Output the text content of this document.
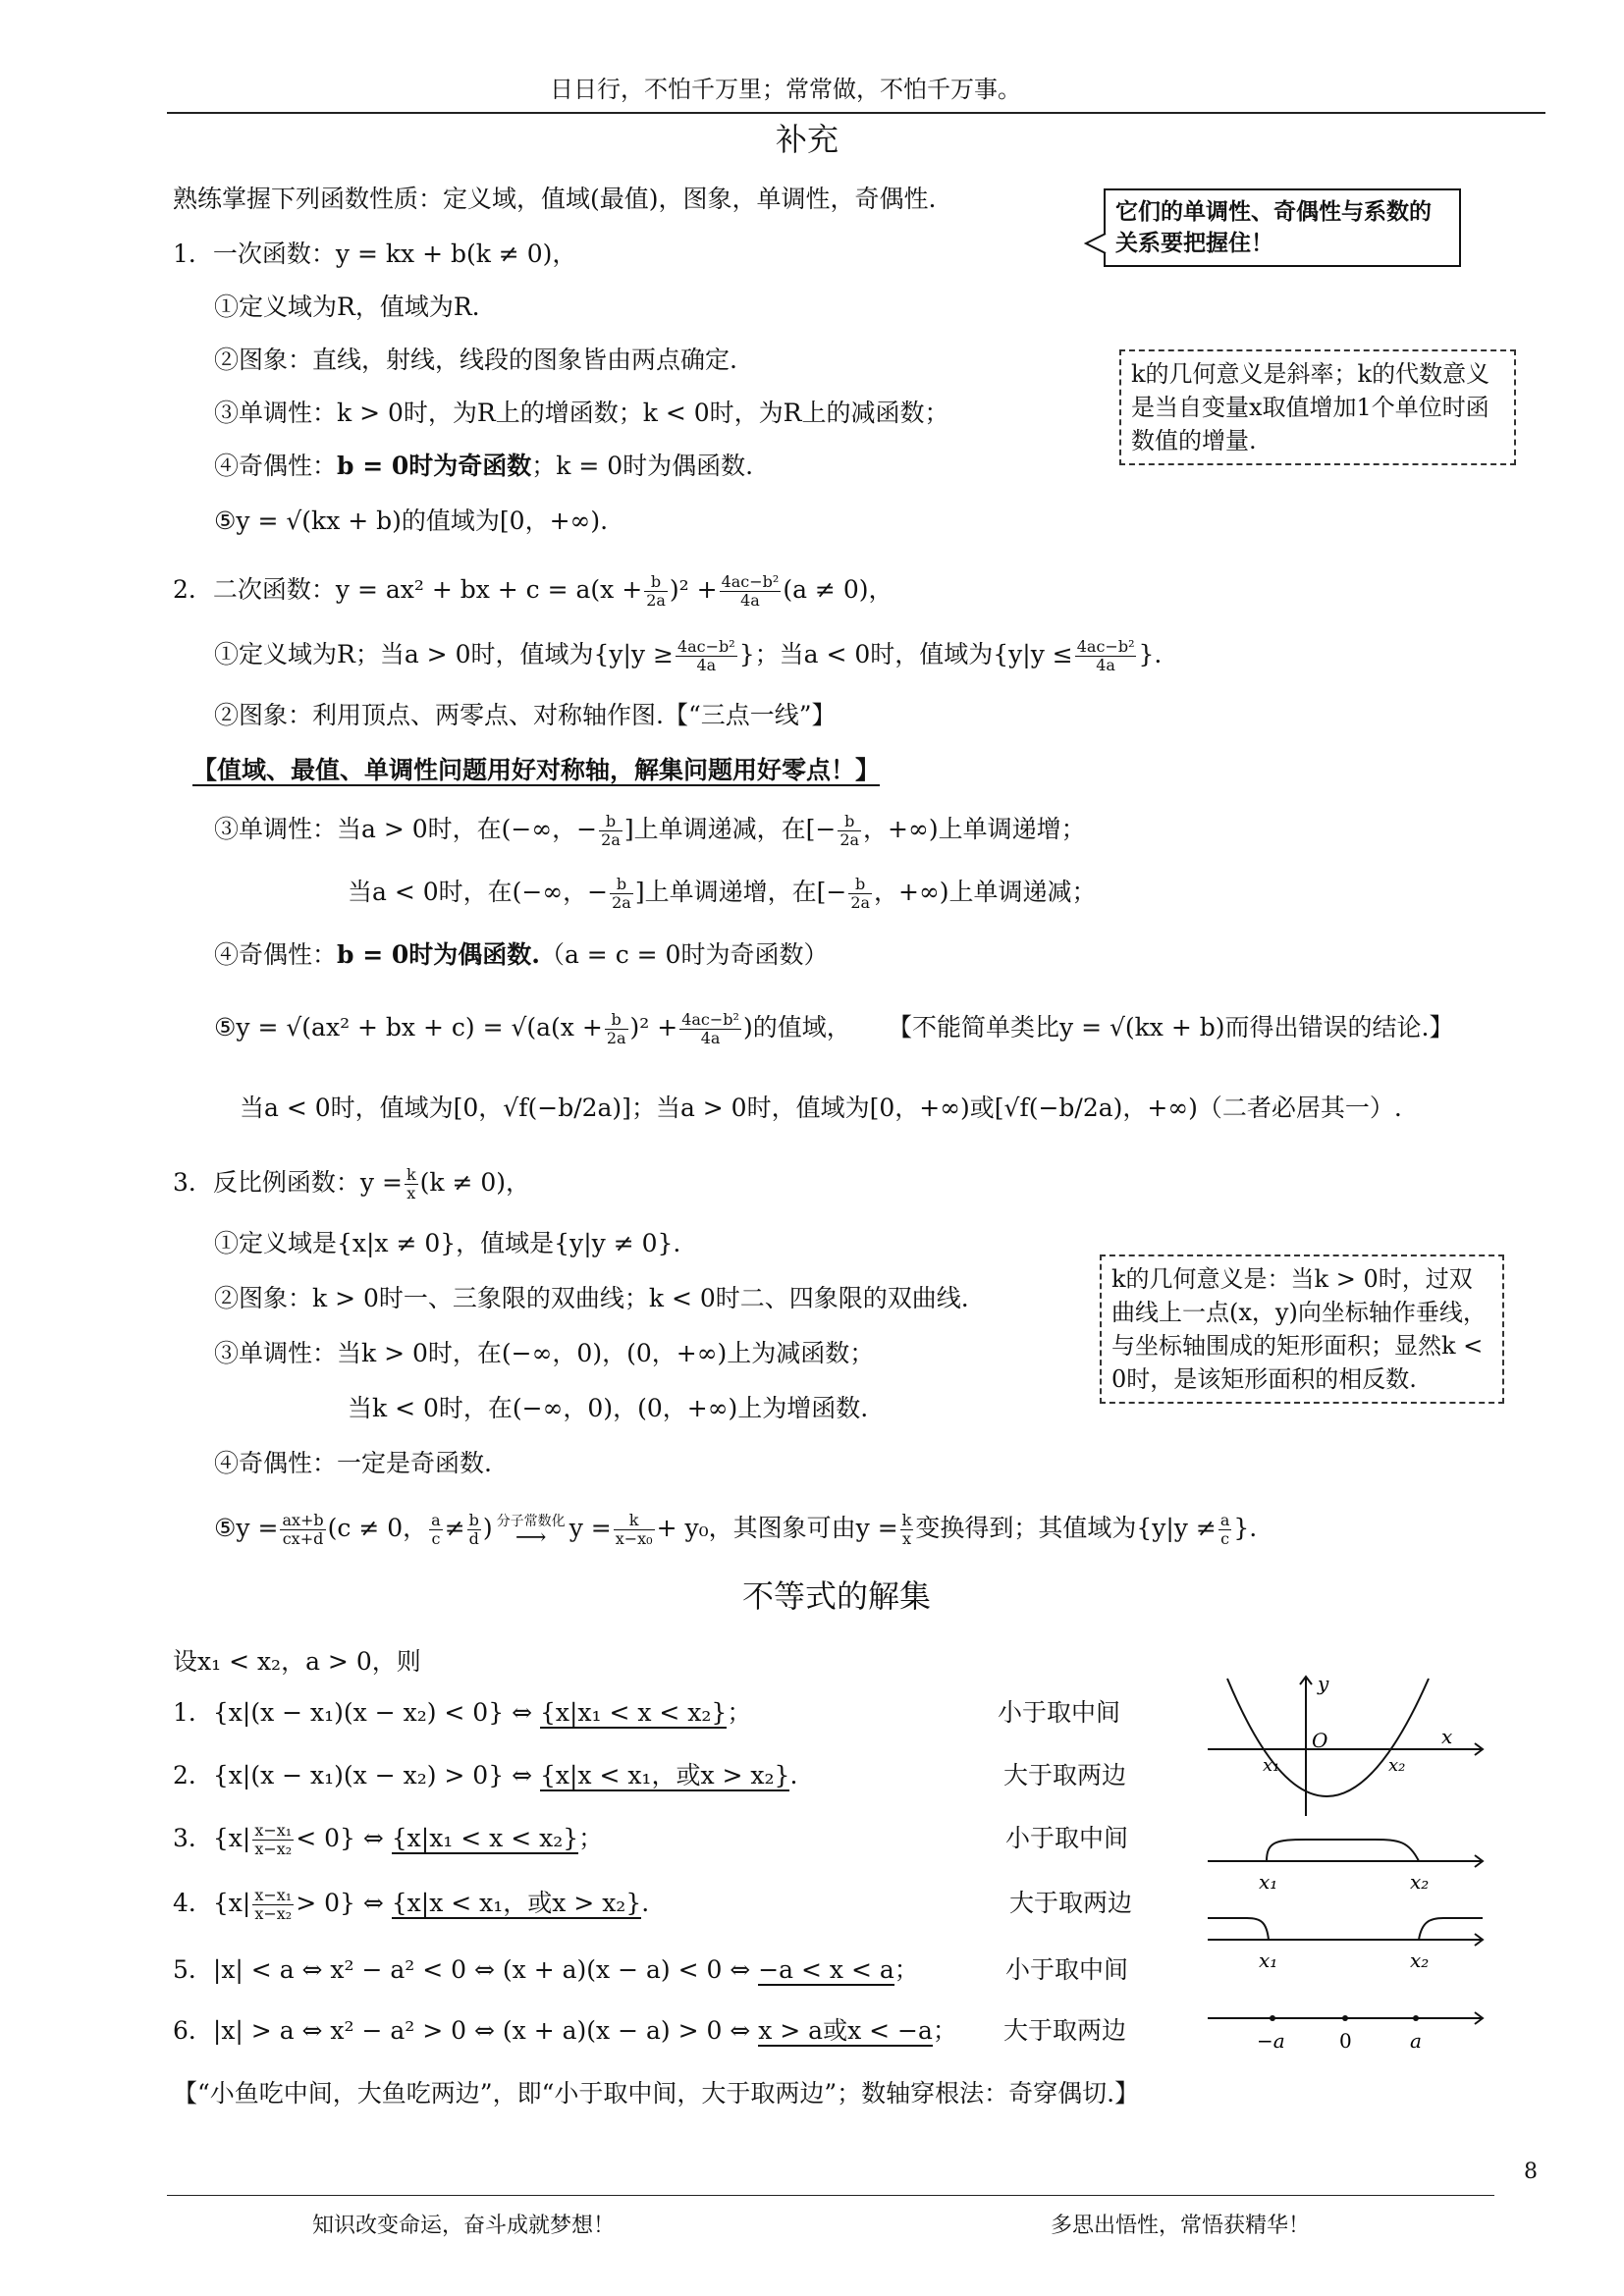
日日行，不怕千万里；常常做，不怕千万事。
补充
熟练掌握下列函数性质：定义域，值域(最值)，图象，单调性，奇偶性.	它们的单调性、奇偶性与系数的关系要把握住！
1．一次函数：y = kx + b(k ≠ 0)，
①定义域为R，值域为R.
②图象：直线，射线，线段的图象皆由两点确定.
③单调性：k > 0时，为R上的增函数；k < 0时，为R上的减函数；
④奇偶性：b = 0时为奇函数；k = 0时为偶函数.
⑤y = √(kx + b)的值域为[0，+∞).
k的几何意义是斜率；k的代数意义是当自变量x取值增加1个单位时函数值的增量.
2．二次函数：y = ax² + bx + $c = a(x + \frac{b}{2a} )^2 + \frac{\text{4ac−b²}}{4a} (a \ne 0)$，
①定义域为R；当a > 0时，值域为{$y|y \ge \frac{\text{4ac−b²}}{4a}$ }；当a < 0时，值域为{$y|y \le \frac{\text{4ac−b²}}{4a}$ }.
②图象：利用顶点、两零点、对称轴作图.【“三点一线”】
【值域、最值、单调性问题用好对称轴，解集问题用好零点！】
③单调性：当a > 0时，在(−∞，− $\frac{b}{2a}$ ]上单调递减，在[− $\frac{b}{2a}$ ，+∞)上单调递增；
当a < 0时，在(−∞，− $\frac{b}{2a}$ ]上单调递增，在[− $\frac{b}{2a}$ ，+∞)上单调递减；
④奇偶性：b = 0时为偶函数.（a = c = 0时为奇函数）
⑤y = √(ax² + bx + $c) = √(a(x + \frac{b}{2a} )^2 + \frac{\text{4ac−b²}}{4a}$ )的值域， 【不能简单类比y = √(kx + b)而得出错误的结论.】
当a < 0时，值域为[0，√f(−b/2a)]；当a > 0时，值域为[0，+∞)或[√f(−b/2a)，+∞)（二者必居其一）.
3．反比例函数：$y = \frac{k}{x} (k \ne 0)$，
①定义域是{x|x ≠ 0}，值域是{y|y ≠ 0}.
②图象：k > 0时一、三象限的双曲线；k < 0时二、四象限的双曲线.
③单调性：当k > 0时，在(−∞，0)，(0，+∞)上为减函数；
当k < 0时，在(−∞，0)，(0，+∞)上为增函数.
④奇偶性：一定是奇函数.
⑤y = $\frac{ax+b}{cx+d} (c \ne 0$， $\frac{a}{c} \ne \frac{b}{d}$ ) 分子常数化
⟶ $y = \frac{k}{\text{x−x₀}} + y_0$，其图象可由$y = \frac{k}{x}$ 变换得到；其值域为{$y|y \ne \frac{a}{c}$ }.
k的几何意义是：当k > 0时，过双曲线上一点(x，y)向坐标轴作垂线，与坐标轴围成的矩形面积；显然k < 0时，是该矩形面积的相反数.
不等式的解集
设x₁ < x₂，a > 0，则
1．{x|(x − x₁)(x − x₂) < 0} ⇔ {x|x₁ < x < x₂}；	小于取中间
2．{x|(x − x₁)(x − x₂) > 0} ⇔ {x|x < x₁，或x > x₂}.	大于取两边
3．$\{x| \frac{\text{x−x₁}}{\text{x−x₂}} < 0\}$ ⇔ {x|x₁ < x < x₂}；	小于取中间
4．$\{x| \frac{\text{x−x₁}}{\text{x−x₂}} > 0\}$ ⇔ {x|x < x₁，或x > x₂}.	大于取两边
5．|x| < a ⇔ x² − a² < 0 ⇔ (x + a)(x − a) < 0 ⇔ −a < x < a；	小于取中间
6．|x| > a ⇔ x² − a² > 0 ⇔ (x + a)(x − a) > 0 ⇔ x > a或x < −a； 大于取两边
【“小鱼吃中间，大鱼吃两边”，即“小于取中间，大于取两边”；数轴穿根法：奇穿偶切.】
y
x
O
x₁	x₂
x₁	x₂
x₁	x₂
−a	0	a
8
知识改变命运，奋斗成就梦想！	多思出悟性，常悟获精华！
